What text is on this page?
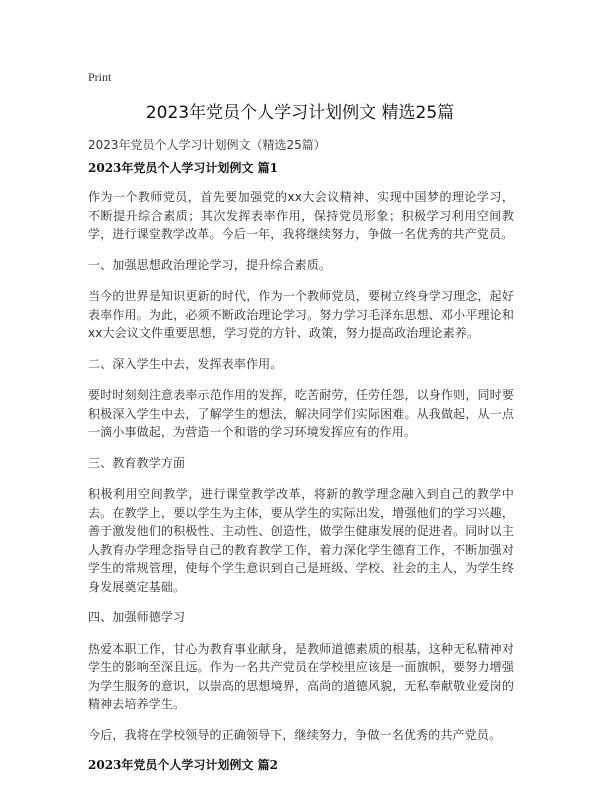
Print
2023年党员个人学习计划例文 精选25篇
2023年党员个人学习计划例文（精选25篇）
2023年党员个人学习计划例文 篇1

作为一个教师党员，首先要加强党的xx大会议精神、实现中国梦的理论学习，不断提升综合素质；其次发挥表率作用，保持党员形象；积极学习利用空间教学，进行课堂教学改革。今后一年，我将继续努力，争做一名优秀的共产党员。

一、加强思想政治理论学习，提升综合素质。

当今的世界是知识更新的时代，作为一个教师党员，要树立终身学习理念，起好表率作用。为此，必须不断政治理论学习。努力学习毛泽东思想、邓小平理论和xx大会议文件重要思想，学习党的方针、政策，努力提高政治理论素养。

二、深入学生中去，发挥表率作用。

要时时刻刻注意表率示范作用的发挥，吃苦耐劳，任劳任怨，以身作则，同时要积极深入学生中去，了解学生的想法，解决同学们实际困难。从我做起，从一点一滴小事做起，为营造一个和谐的学习环境发挥应有的作用。

三、教育教学方面

积极利用空间教学，进行课堂教学改革，将新的教学理念融入到自己的教学中去。在教学上，要以学生为主体，要从学生的实际出发，增强他们的学习兴趣，善于激发他们的积极性、主动性、创造性，做学生健康发展的促进者。同时以主人教育办学理念指导自己的教育教学工作，着力深化学生德育工作，不断加强对学生的常规管理，使每个学生意识到自己是班级、学校、社会的主人，为学生终身发展奠定基础。

四、加强师德学习

热爱本职工作，甘心为教育事业献身，是教师道德素质的根基，这种无私精神对学生的影响至深且远。作为一名共产党员在学校里应该是一面旗帜，要努力增强为学生服务的意识，以崇高的思想境界，高尚的道德风貌，无私奉献敬业爱岗的精神去培养学生。

今后，我将在学校领导的正确领导下，继续努力，争做一名优秀的共产党员。

2023年党员个人学习计划例文 篇2
